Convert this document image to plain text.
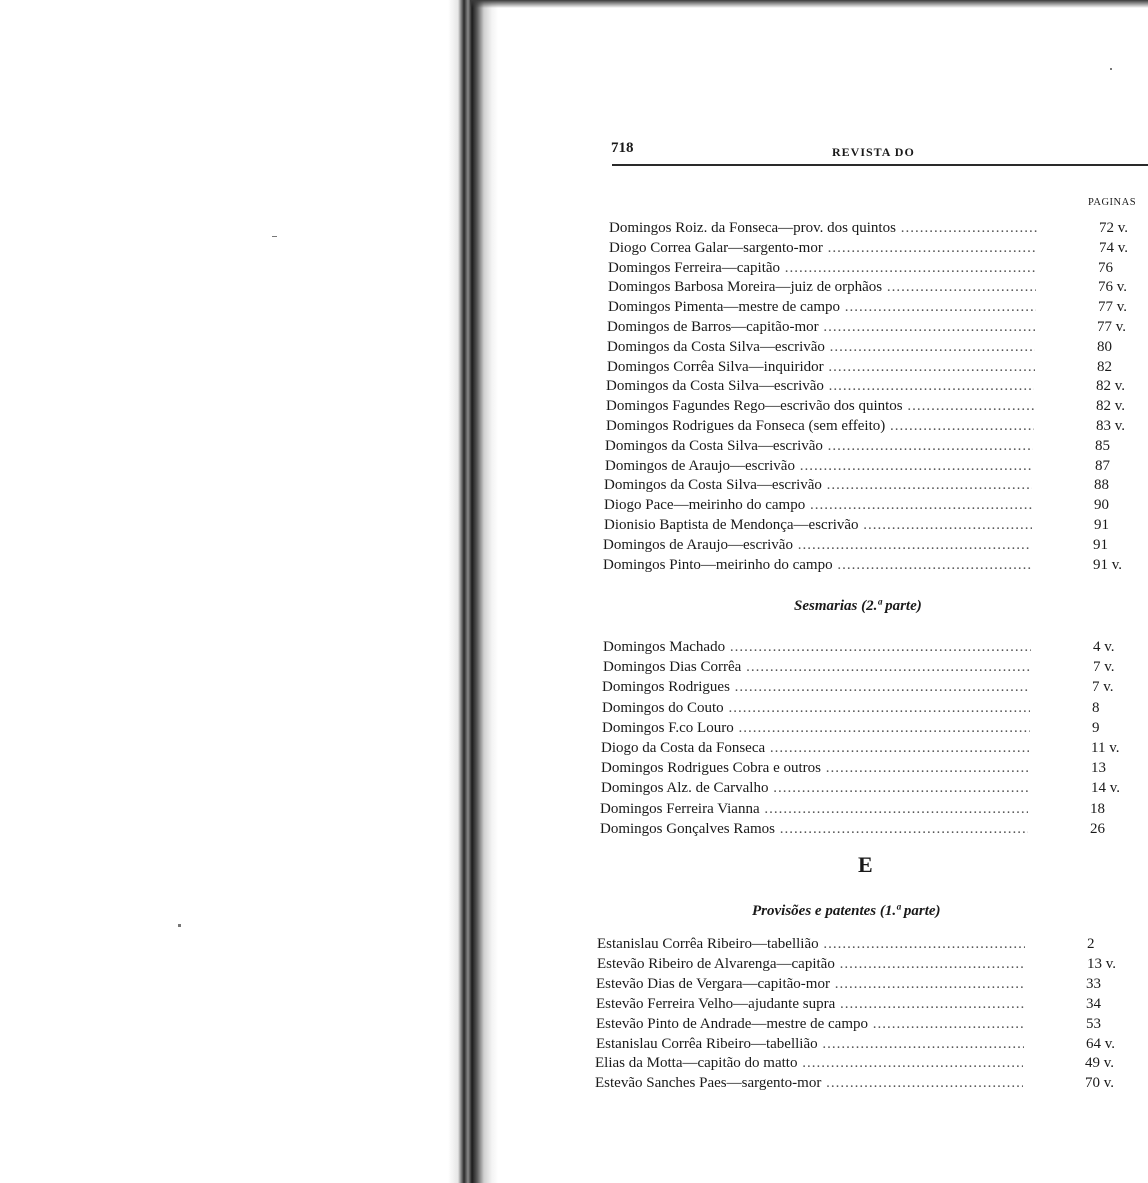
718	REVISTA DO
PAGINAS
Domingos Roiz. da Fonseca—prov. dos quintos .....	72 v.
Diogo Correa Galar—sargento-mor .....	74 v.
Domingos Ferreira—capitão .....	76
Domingos Barbosa Moreira—juiz de orphãos .....	76 v.
Domingos Pimenta—mestre de campo .....	77 v.
Domingos de Barros—capitão-mor .....	77 v.
Domingos da Costa Silva—escrivão .....	80
Domingos Corrêa Silva—inquiridor .....	82
Domingos da Costa Silva—escrivão .....	82 v.
Domingos Fagundes Rego—escrivão dos quintos .....	82 v.
Domingos Rodrigues da Fonseca (sem effeito) .....	83 v.
Domingos da Costa Silva—escrivão .....	85
Domingos de Araujo—escrivão .....	87
Domingos da Costa Silva—escrivão .....	88
Diogo Pace—meirinho do campo .....	90
Dionisio Baptista de Mendonça—escrivão .....	91
Domingos de Araujo—escrivão .....	91
Domingos Pinto—meirinho do campo .....	91 v.
Sesmarias (2.ª parte)
Domingos Machado .....	4 v.
Domingos Dias Corrêa .....	7 v.
Domingos Rodrigues .....	7 v.
Domingos do Couto .....	8
Domingos F.co Louro .....	9
Diogo da Costa da Fonseca .....	11 v.
Domingos Rodrigues Cobra e outros .....	13
Domingos Alz. de Carvalho .....	14 v.
Domingos Ferreira Vianna .....	18
Domingos Gonçalves Ramos .....	26
E
Provisões e patentes (1.ª parte)
Estanislau Corrêa Ribeiro—tabellião .....	2
Estevão Ribeiro de Alvarenga—capitão .....	13 v.
Estevão Dias de Vergara—capitão-mor .....	33
Estevão Ferreira Velho—ajudante supra .....	34
Estevão Pinto de Andrade—mestre de campo .....	53
Estanislau Corrêa Ribeiro—tabellião .....	64 v.
Elias da Motta—capitão do matto .....	49 v.
Estevão Sanches Paes—sargento-mor .....	70 v.
